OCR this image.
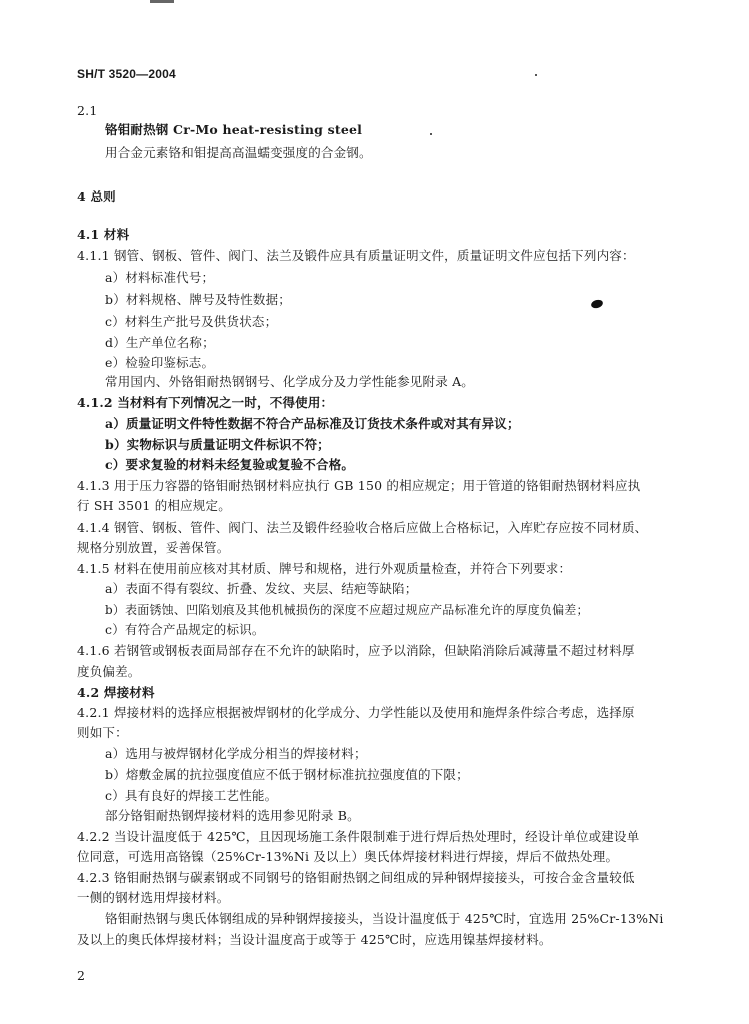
SH/T 3520—2004
2.1
铬钼耐热钢 Cr-Mo heat-resisting steel
用合金元素铬和钼提高高温蠕变强度的合金钢。
4 总则
4.1 材料
4.1.1 钢管、钢板、管件、阀门、法兰及锻件应具有质量证明文件，质量证明文件应包括下列内容：
a）材料标准代号；
b）材料规格、牌号及特性数据；
c）材料生产批号及供货状态；
d）生产单位名称；
e）检验印鉴标志。
常用国内、外铬钼耐热钢钢号、化学成分及力学性能参见附录 A。
4.1.2 当材料有下列情况之一时，不得使用：
a）质量证明文件特性数据不符合产品标准及订货技术条件或对其有异议；
b）实物标识与质量证明文件标识不符；
c）要求复验的材料未经复验或复验不合格。
4.1.3 用于压力容器的铬钼耐热钢材料应执行 GB 150 的相应规定；用于管道的铬钼耐热钢材料应执
行 SH 3501 的相应规定。
4.1.4 钢管、钢板、管件、阀门、法兰及锻件经验收合格后应做上合格标记，入库贮存应按不同材质、
规格分别放置，妥善保管。
4.1.5 材料在使用前应核对其材质、牌号和规格，进行外观质量检查，并符合下列要求：
a）表面不得有裂纹、折叠、发纹、夹层、结疤等缺陷；
b）表面锈蚀、凹陷划痕及其他机械损伤的深度不应超过规应产品标准允许的厚度负偏差；
c）有符合产品规定的标识。
4.1.6 若钢管或钢板表面局部存在不允许的缺陷时，应予以消除，但缺陷消除后减薄量不超过材料厚
度负偏差。
4.2 焊接材料
4.2.1 焊接材料的选择应根据被焊钢材的化学成分、力学性能以及使用和施焊条件综合考虑，选择原
则如下：
a）选用与被焊钢材化学成分相当的焊接材料；
b）熔敷金属的抗拉强度值应不低于钢材标准抗拉强度值的下限；
c）具有良好的焊接工艺性能。
部分铬钼耐热钢焊接材料的选用参见附录 B。
4.2.2 当设计温度低于 425℃，且因现场施工条件限制难于进行焊后热处理时，经设计单位或建设单
位同意，可选用高铬镍（25%Cr-13%Ni 及以上）奥氏体焊接材料进行焊接，焊后不做热处理。
4.2.3 铬钼耐热钢与碳素钢或不同钢号的铬钼耐热钢之间组成的异种钢焊接接头，可按合金含量较低
一侧的钢材选用焊接材料。
铬钼耐热钢与奥氏体钢组成的异种钢焊接接头，当设计温度低于 425℃时，宜选用 25%Cr-13%Ni
及以上的奥氏体焊接材料；当设计温度高于或等于 425℃时，应选用镍基焊接材料。
2
